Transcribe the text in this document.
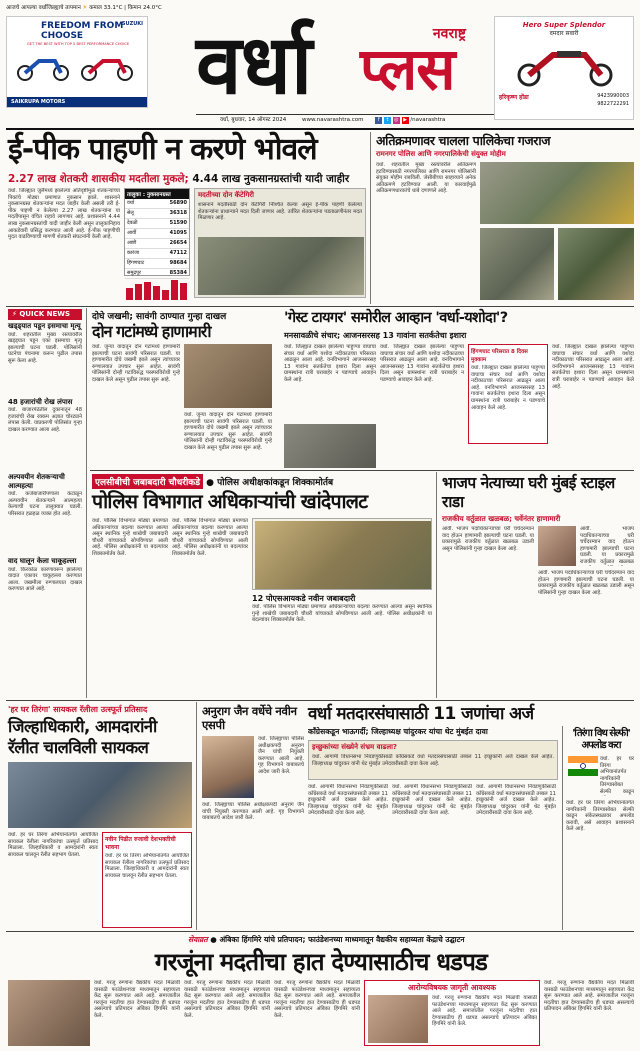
आजचे आपल्या वर्धाजिल्ह्याचे तापमान ☀ कमाल 33.1°C | किमान 24.0°C
FREEDOM FROM CHOOSE
GET THE BEST WITH TOP 5 BEST PERFORMANCE CHOICE
SUZUKI
SAIKRUPA MOTORS	वर्धा	नवराष्ट्र
प्लस
वर्धा, बुधवार, 14 ऑगस्ट 2024	www.navarashtra.com	f t ◎ ▶ /navarashtra
Hero Super Splendor
दमदार सवारी
हरिकृष्ण होंडा	9423990003
9822722291
ई-पीक पाहणी न करणे भोवले
2.27 लाख शेतकरी शासकीय मदतीला मुकले; 4.44 लाख नुकसानग्रस्तांची यादी जाहीर
वर्धा. जिल्ह्यात जुलैमध्ये झालेल्या अतिवृष्टीमुळे शेतकऱ्यांच्या पिकांचे मोठ्या प्रमाणात नुकसान झाले. शासनाने नुकसानग्रस्त शेतकऱ्यांना मदत जाहीर केली असली तरी ई-पीक पाहणी न केलेल्या 2.27 लाख शेतकऱ्यांना या मदतीपासून वंचित राहावे लागणार आहे. प्रशासनाने 4.44 लाख नुकसानग्रस्तांची यादी जाहीर केली असून तालुकानिहाय आकडेवारी प्रसिद्ध करण्यात आली आहे. ई-पीक पाहणीची मुदत वाढविण्याची मागणी शेतकरी संघटनांनी केली आहे.
तालुका : नुकसानग्रस्त
वर्धा	56890
सेलू	36318
देवळी	51590
आर्वी	41095
आष्टी	26654
कारंजा	47112
हिंगणघाट	98684
समुद्रपूर	85384
मदतीच्या दोन कॅटेगिरी
शासनाने मदतीसाठी दोन कॅटेगिरी निश्चित केल्या असून ई-पीक पाहणी केलेल्या शेतकऱ्यांना प्राधान्याने मदत दिली जाणार आहे. उर्वरित शेतकऱ्यांना पडताळणीनंतर मदत मिळणार आहे.
अतिक्रमणावर चालला पालिकेचा गजराज
रामनगर पोलिस आणि नगरपालिकेची संयुक्त मोहीम
वर्धा. शहरातील मुख्य रस्त्यांवरील अतिक्रमण हटविण्यासाठी नगरपालिका आणि रामनगर पोलिसांनी संयुक्त मोहीम राबविली. जेसीबीच्या साहाय्याने अनेक अतिक्रमणे हटविण्यात आली. या कारवाईमुळे अतिक्रमणधारकांचे धाबे दणाणले आहे.
⚡ QUICK NEWS
खड्ड्यात पडून इसमाचा मृत्यू
वर्धा. शहरातील मुख्य रस्त्यावरील खड्ड्यात पडून एका इसमाचा मृत्यू झाल्याची घटना घडली. पोलिसांनी घटनेचा पंचनामा करून पुढील तपास सुरू केला आहे.
48 हजारांची रोख लंपास
वर्धा. बाजारपेठेतील दुकानातून 48 हजारांची रोख रक्कम अज्ञात चोरट्याने लंपास केली. याप्रकरणी पोलिसांत गुन्हा दाखल करण्यात आला आहे.
अल्पवयीन शेतकऱ्याची आत्महत्या
वर्धा. कर्जबाजारीपणाला कंटाळून अल्पवयीन शेतकऱ्याने आत्महत्या केल्याची घटना तालुक्यात घडली. परिसरात हळहळ व्यक्त होत आहे.
वाद घालून केला चाकूहल्ला
वर्धा. किरकोळ कारणावरून झालेल्या वादात एकावर चाकूहल्ला करण्यात आला. जखमीला रुग्णालयात दाखल करण्यात आले आहे.
दोघे जखमी; सावंगी ठाण्यात गुन्हा दाखल
दोन गटांमध्ये हाणामारी
वर्धा. जुन्या वादातून दोन गटांमध्ये हाणामारी झाल्याची घटना सावंगी परिसरात घडली. या हाणामारीत दोघे जखमी झाले असून त्यांच्यावर रुग्णालयात उपचार सुरू आहेत. सावंगी पोलिसांनी दोन्ही गटांविरुद्ध परस्परविरोधी गुन्हे दाखल केले असून पुढील तपास सुरू आहे.
वर्धा. जुन्या वादातून दोन गटांमध्ये हाणामारी झाल्याची घटना सावंगी परिसरात घडली. या हाणामारीत दोघे जखमी झाले असून त्यांच्यावर रुग्णालयात उपचार सुरू आहेत. सावंगी पोलिसांनी दोन्ही गटांविरुद्ध परस्परविरोधी गुन्हे दाखल केले असून पुढील तपास सुरू आहे.
'गेस्ट टायगर' समोरील आव्हान 'वर्धा-यशोदा'?
मनसावळीचे संचार; आजनसरसह 13 गावांना सतर्कतेचा इशारा
वर्धा. जिल्ह्यात दाखल झालेल्या पाहुण्या वाघाचा संचार वर्धा आणि यशोदा नदीकाठच्या परिसरात आढळून आला आहे. वनविभागाने आजनसरसह 13 गावांना सतर्कतेचा इशारा दिला असून ग्रामस्थांना रात्री घराबाहेर न पडण्याचे आवाहन केले आहे.
वर्धा. जिल्ह्यात दाखल झालेल्या पाहुण्या वाघाचा संचार वर्धा आणि यशोदा नदीकाठच्या परिसरात आढळून आला आहे. वनविभागाने आजनसरसह 13 गावांना सतर्कतेचा इशारा दिला असून ग्रामस्थांना रात्री घराबाहेर न पडण्याचे आवाहन केले आहे.
हिंगणघाट परिसरात 8 दिवस मुक्काम
वर्धा. जिल्ह्यात दाखल झालेल्या पाहुण्या वाघाचा संचार वर्धा आणि यशोदा नदीकाठच्या परिसरात आढळून आला आहे. वनविभागाने आजनसरसह 13 गावांना सतर्कतेचा इशारा दिला असून ग्रामस्थांना रात्री घराबाहेर न पडण्याचे आवाहन केले आहे.
वर्धा. जिल्ह्यात दाखल झालेल्या पाहुण्या वाघाचा संचार वर्धा आणि यशोदा नदीकाठच्या परिसरात आढळून आला आहे. वनविभागाने आजनसरसह 13 गावांना सतर्कतेचा इशारा दिला असून ग्रामस्थांना रात्री घराबाहेर न पडण्याचे आवाहन केले आहे.
एलसीबीची जबाबदारी चौधरीकडे ● पोलिस अधीक्षकांकडून शिक्कामोर्तब
पोलिस विभागात अधिकाऱ्यांची खांदेपालट
वर्धा. पोलिस विभागात मोठ्या प्रमाणात अधिकाऱ्यांच्या बदल्या करण्यात आल्या असून स्थानिक गुन्हे शाखेची जबाबदारी चौधरी यांच्याकडे सोपविण्यात आली आहे. पोलिस अधीक्षकांनी या बदल्यांवर शिक्कामोर्तब केले.
वर्धा. पोलिस विभागात मोठ्या प्रमाणात अधिकाऱ्यांच्या बदल्या करण्यात आल्या असून स्थानिक गुन्हे शाखेची जबाबदारी चौधरी यांच्याकडे सोपविण्यात आली आहे. पोलिस अधीक्षकांनी या बदल्यांवर शिक्कामोर्तब केले.
12 पोएसआयकडे नवीन जबाबदारी
वर्धा. पोलिस विभागात मोठ्या प्रमाणात अधिकाऱ्यांच्या बदल्या करण्यात आल्या असून स्थानिक गुन्हे शाखेची जबाबदारी चौधरी यांच्याकडे सोपविण्यात आली आहे. पोलिस अधीक्षकांनी या बदल्यांवर शिक्कामोर्तब केले.
भाजप नेत्याच्या घरी मुंबई स्टाइल राडा
राजकीय वर्तुळात खळबळ; चर्वेनंतर हाणामारी
आर्वी. भाजप पदाधिकाऱ्याच्या घरी चर्चेदरम्यान वाद होऊन हाणामारी झाल्याची घटना घडली. या प्रकारामुळे राजकीय वर्तुळात खळबळ उडाली असून पोलिसांनी गुन्हा दाखल केला आहे.
आर्वी. भाजप पदाधिकाऱ्याच्या घरी चर्चेदरम्यान वाद होऊन हाणामारी झाल्याची घटना घडली. या प्रकारामुळे राजकीय वर्तुळात खळबळ
आर्वी. भाजप पदाधिकाऱ्याच्या घरी चर्चेदरम्यान वाद होऊन हाणामारी झाल्याची घटना घडली. या प्रकारामुळे राजकीय वर्तुळात खळबळ उडाली असून पोलिसांनी गुन्हा दाखल केला आहे.
'हर घर तिरंगा' सायकल रॅलीला उत्स्फूर्त प्रतिसाद
जिल्हाधिकारी, आमदारांनी रॅलीत चालविली सायकल
वर्धा. हर घर तिरंगा अभियानांतर्गत आयोजित सायकल रॅलीला नागरिकांचा उत्स्फूर्त प्रतिसाद मिळाला. जिल्हाधिकारी व आमदारांनी स्वतः सायकल चालवून रॅलीत सहभाग घेतला.
नवीन पिढीत रुजावी देशभक्तीची भावना
वर्धा. हर घर तिरंगा अभियानांतर्गत आयोजित सायकल रॅलीला नागरिकांचा उत्स्फूर्त प्रतिसाद मिळाला. जिल्हाधिकारी व आमदारांनी स्वतः सायकल चालवून रॅलीत सहभाग घेतला.
अनुराग जैन वर्धेचे नवीन एसपी
वर्धा. जिल्ह्याच्या पोलिस अधीक्षकपदी अनुराग जैन यांची नियुक्ती करण्यात आली आहे. गृह विभागाने याबाबतचे आदेश जारी केले.
वर्धा. जिल्ह्याच्या पोलिस अधीक्षकपदी अनुराग जैन यांची नियुक्ती करण्यात आली आहे. गृह विभागाने याबाबतचे आदेश जारी केले.
वर्धा मतदारसंघासाठी 11 जणांचा अर्ज
काँग्रेसकडून भाऊगर्दी; जिल्हाध्यक्ष चांदुरकर यांचा थेट मुंबईत दावा
इच्छुकांच्या संख्येने संभ्रम वाढला?
वर्धा. आगामी विधानसभा निवडणुकीसाठी काँग्रेसकडे वर्धा मतदारसंघासाठी तब्बल 11 इच्छुकांनी अर्ज दाखल केले आहेत. जिल्हाध्यक्ष चांदुरकर यांनी थेट मुंबईत उमेदवारीसाठी दावा केला आहे.
वर्धा. आगामी विधानसभा निवडणुकीसाठी काँग्रेसकडे वर्धा मतदारसंघासाठी तब्बल 11 इच्छुकांनी अर्ज दाखल केले आहेत. जिल्हाध्यक्ष चांदुरकर यांनी थेट मुंबईत उमेदवारीसाठी दावा केला आहे.
वर्धा. आगामी विधानसभा निवडणुकीसाठी काँग्रेसकडे वर्धा मतदारसंघासाठी तब्बल 11 इच्छुकांनी अर्ज दाखल केले आहेत. जिल्हाध्यक्ष चांदुरकर यांनी थेट मुंबईत उमेदवारीसाठी दावा केला आहे.
वर्धा. आगामी विधानसभा निवडणुकीसाठी काँग्रेसकडे वर्धा मतदारसंघासाठी तब्बल 11 इच्छुकांनी अर्ज दाखल केले आहेत. जिल्हाध्यक्ष चांदुरकर यांनी थेट मुंबईत उमेदवारीसाठी दावा केला आहे.
'तिरंगा विथ सेल्फी' अपलोड करा
वर्धा. हर घर तिरंगा अभियानांतर्गत नागरिकांनी तिरंग्यासोबत सेल्फी काढून
वर्धा. हर घर तिरंगा अभियानांतर्गत नागरिकांनी तिरंग्यासोबत सेल्फी काढून संकेतस्थळावर अपलोड करावी, असे आवाहन प्रशासनाने केले आहे.
सेवाव्रत ● अंबिका हिंगमिरे यांचे प्रतिपादन; फाउंडेशनच्या माध्यमातून वैद्यकीय सहाय्यता केंद्राचे उद्घाटन
गरजूंना मदतीचा हात देण्यासाठीच धडपड
वर्धा. गरजू रुग्णांना वैद्यकीय मदत मिळावी यासाठी फाउंडेशनच्या माध्यमातून सहाय्यता केंद्र सुरू करण्यात आले आहे. समाजातील गरजूंना मदतीचा हात देण्यासाठीच ही धडपड असल्याचे प्रतिपादन अंबिका हिंगमिरे यांनी केले.
वर्धा. गरजू रुग्णांना वैद्यकीय मदत मिळावी यासाठी फाउंडेशनच्या माध्यमातून सहाय्यता केंद्र सुरू करण्यात आले आहे. समाजातील गरजूंना मदतीचा हात देण्यासाठीच ही धडपड असल्याचे प्रतिपादन अंबिका हिंगमिरे यांनी केले.
वर्धा. गरजू रुग्णांना वैद्यकीय मदत मिळावी यासाठी फाउंडेशनच्या माध्यमातून सहाय्यता केंद्र सुरू करण्यात आले आहे. समाजातील गरजूंना मदतीचा हात देण्यासाठीच ही धडपड असल्याचे प्रतिपादन अंबिका हिंगमिरे यांनी केले.
आरोग्यविषयक जागृती आवश्यक
वर्धा. गरजू रुग्णांना वैद्यकीय मदत मिळावी यासाठी फाउंडेशनच्या माध्यमातून सहाय्यता केंद्र सुरू करण्यात आले आहे. समाजातील गरजूंना मदतीचा हात देण्यासाठीच ही धडपड असल्याचे प्रतिपादन अंबिका हिंगमिरे यांनी केले.
वर्धा. गरजू रुग्णांना वैद्यकीय मदत मिळावी यासाठी फाउंडेशनच्या माध्यमातून सहाय्यता केंद्र सुरू करण्यात आले आहे. समाजातील गरजूंना मदतीचा हात देण्यासाठीच ही धडपड असल्याचे प्रतिपादन अंबिका हिंगमिरे यांनी केले.
